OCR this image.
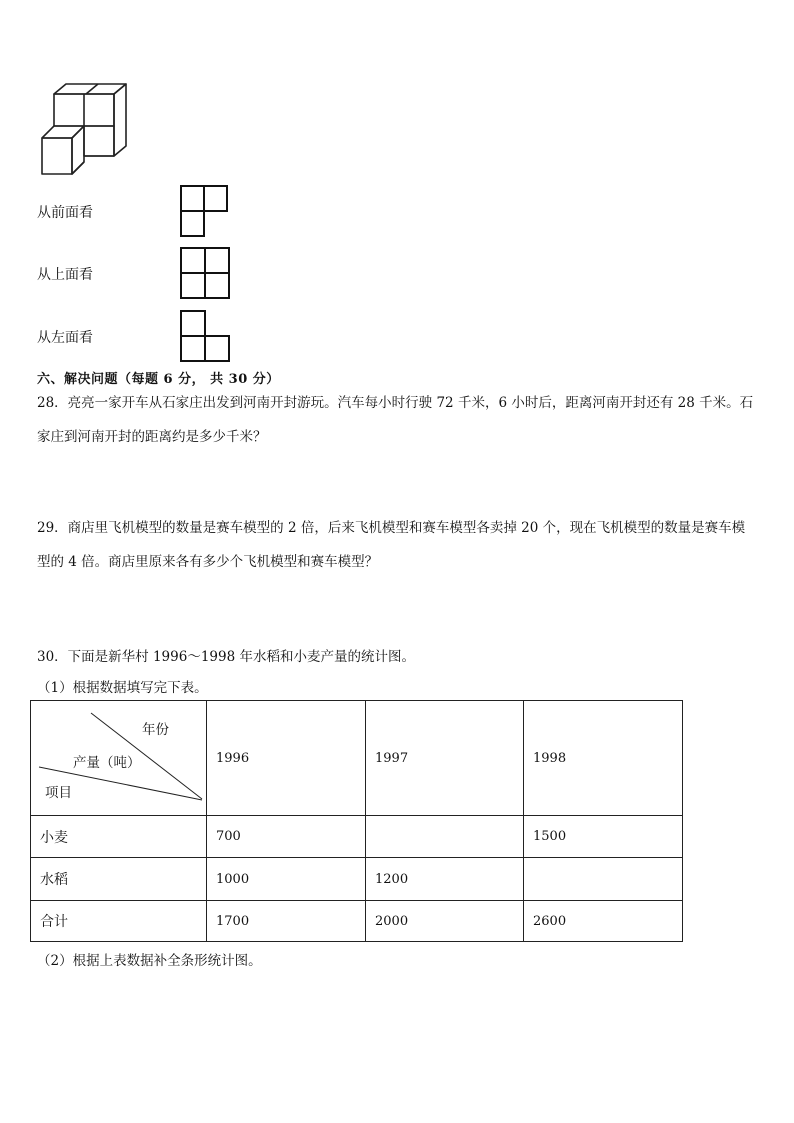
从前面看
从上面看
从左面看
六、解决问题（每题 6 分， 共 30 分）
28．亮亮一家开车从石家庄出发到河南开封游玩。汽车每小时行驶 72 千米，6 小时后，距离河南开封还有 28 千米。石家庄到河南开封的距离约是多少千米？
29．商店里飞机模型的数量是赛车模型的 2 倍，后来飞机模型和赛车模型各卖掉 20 个，现在飞机模型的数量是赛车模型的 4 倍。商店里原来各有多少个飞机模型和赛车模型？
30．下面是新华村 1996～1998 年水稻和小麦产量的统计图。
（1）根据数据填写完下表。
年份
产量（吨）
项目	1996	1997	1998
小麦	700		1500
水稻	1000	1200	
合计	1700	2000	2600
（2）根据上表数据补全条形统计图。
